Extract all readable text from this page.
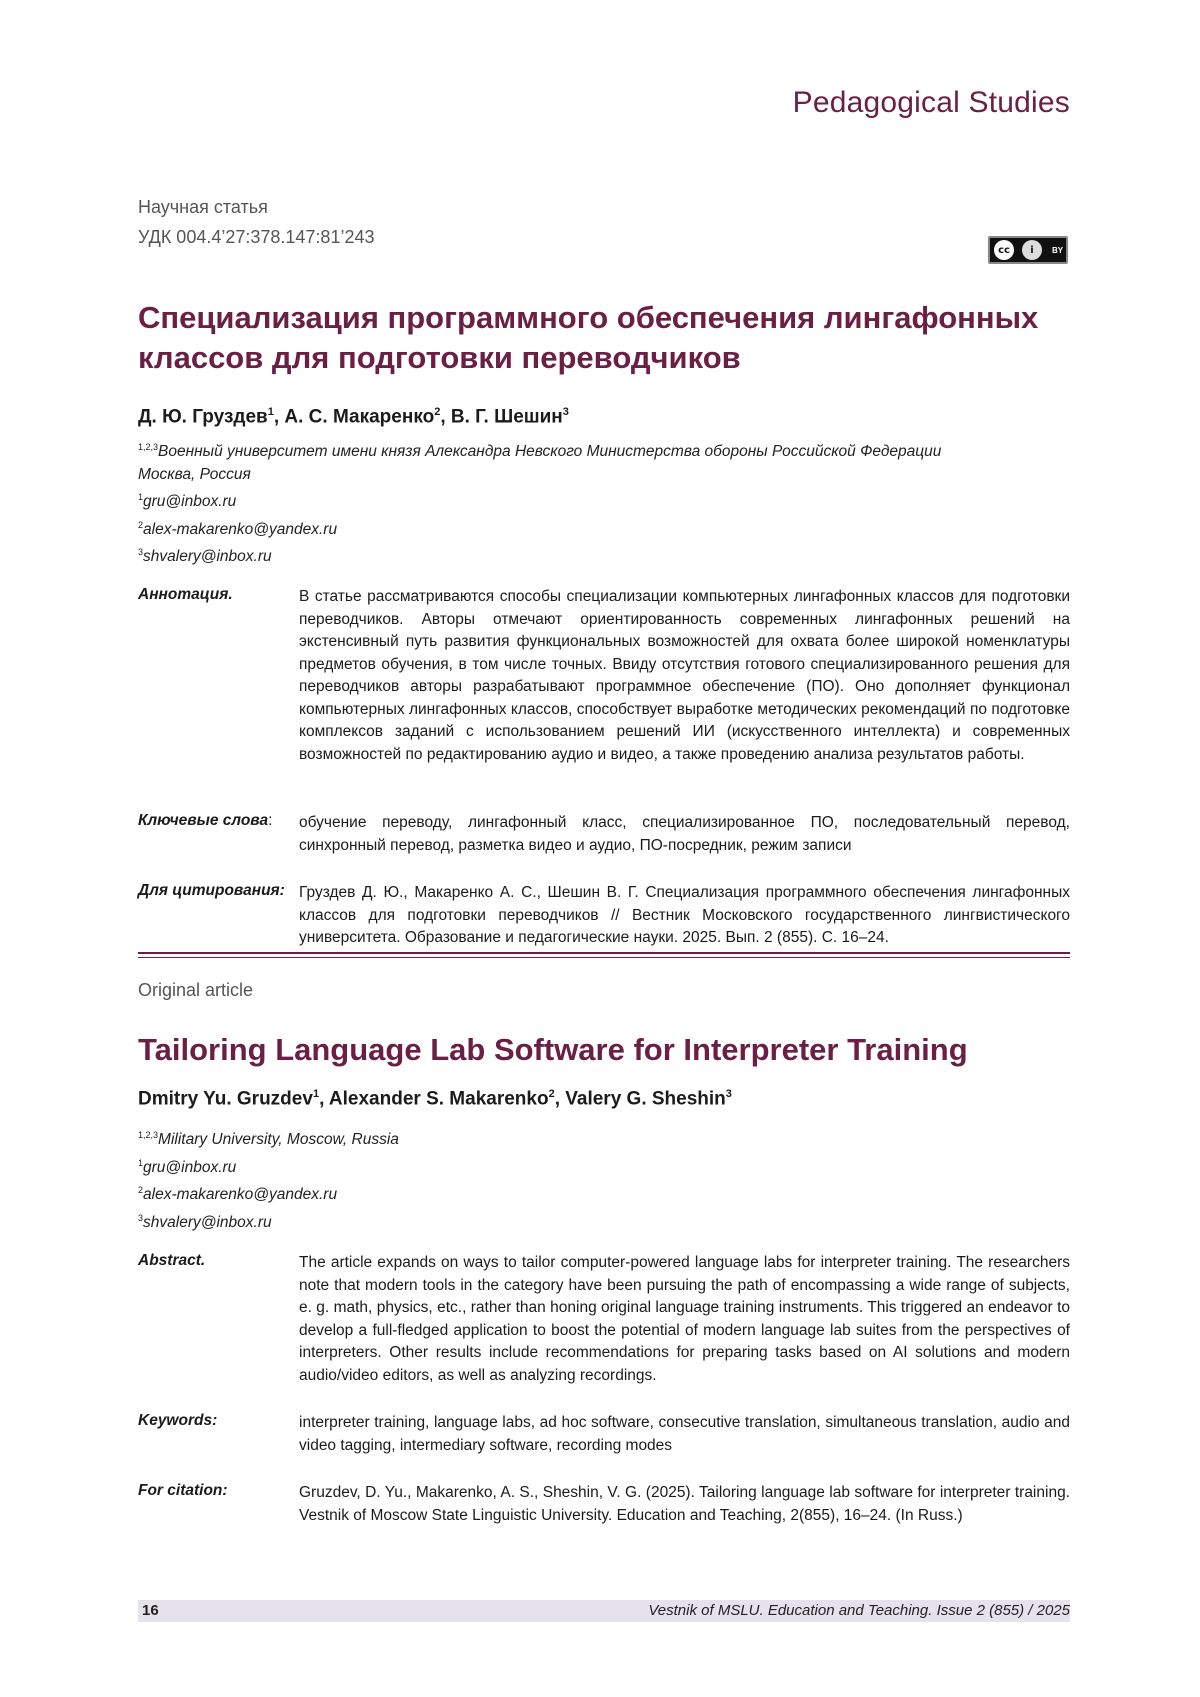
Pedagogical Studies
Научная статья
УДК 004.4’27:378.147:81’243
cc	i	BY
Специализация программного обеспечения лингафонных
классов для подготовки переводчиков
Д. Ю. Груздев$^1$, А. С. Макаренко$^2$, В. Г. Шешин$^3$
$^{1,2,3}$Военный университет имени князя Александра Невского Министерства обороны Российской Федерации
Москва, Россия
$^1$gru@inbox.ru
$^2$alex-makarenko@yandex.ru
$^3$shvalery@inbox.ru
Аннотация.	В статье рассматриваются способы специализации компьютерных лингафонных классов для подготовки переводчиков. Авторы отмечают ориентированность современных лингафонных решений на экстенсивный путь развития функциональных возможностей для охвата более широкой номенклатуры предметов обучения, в том числе точных. Ввиду отсутствия готового специализированного решения для переводчиков авторы разрабатывают программное обеспечение (ПО). Оно дополняет функционал компьютерных лингафонных классов, способствует выработке методических рекомендаций по подготовке комплексов заданий с использованием решений ИИ (искусственного интеллекта) и современных возможностей по редактированию аудио и видео, а также проведению анализа результатов работы.
Ключевые слова:	обучение переводу, лингафонный класс, специализированное ПО, последовательный перевод, синхронный перевод, разметка видео и аудио, ПО-посредник, режим записи
Для цитирования: Груздев Д. Ю., Макаренко А. С., Шешин В. Г. Специализация программного обеспечения лингафонных классов для подготовки переводчиков // Вестник Московского государственного лингвистического университета. Образование и педагогические науки. 2025. Вып. 2 (855). С. 16–24.
Original article
Tailoring Language Lab Software for Interpreter Training
Dmitry Yu. Gruzdev$^1$, Alexander S. Makarenko$^2$, Valery G. Sheshin$^3$
$^{1,2,3}$Military University, Moscow, Russia
$^1$gru@inbox.ru
$^2$alex-makarenko@yandex.ru
$^3$shvalery@inbox.ru
Abstract.	The article expands on ways to tailor computer-powered language labs for interpreter training. The researchers note that modern tools in the category have been pursuing the path of encompassing a wide range of subjects, e. g. math, physics, etc., rather than honing original language training instruments. This triggered an endeavor to develop a full-fledged application to boost the potential of modern language lab suites from the perspectives of interpreters. Other results include recommendations for preparing tasks based on AI solutions and modern audio/video editors, as well as analyzing recordings.
Keywords:	interpreter training, language labs, ad hoc software, consecutive translation, simultaneous translation, audio and video tagging, intermediary software, recording modes
For citation:	Gruzdev, D. Yu., Makarenko, A. S., Sheshin, V. G. (2025). Tailoring language lab software for interpreter training. Vestnik of Moscow State Linguistic University. Education and Teaching, 2(855), 16–24. (In Russ.)
16	Vestnik of MSLU. Education and Teaching. Issue 2 (855) / 2025
